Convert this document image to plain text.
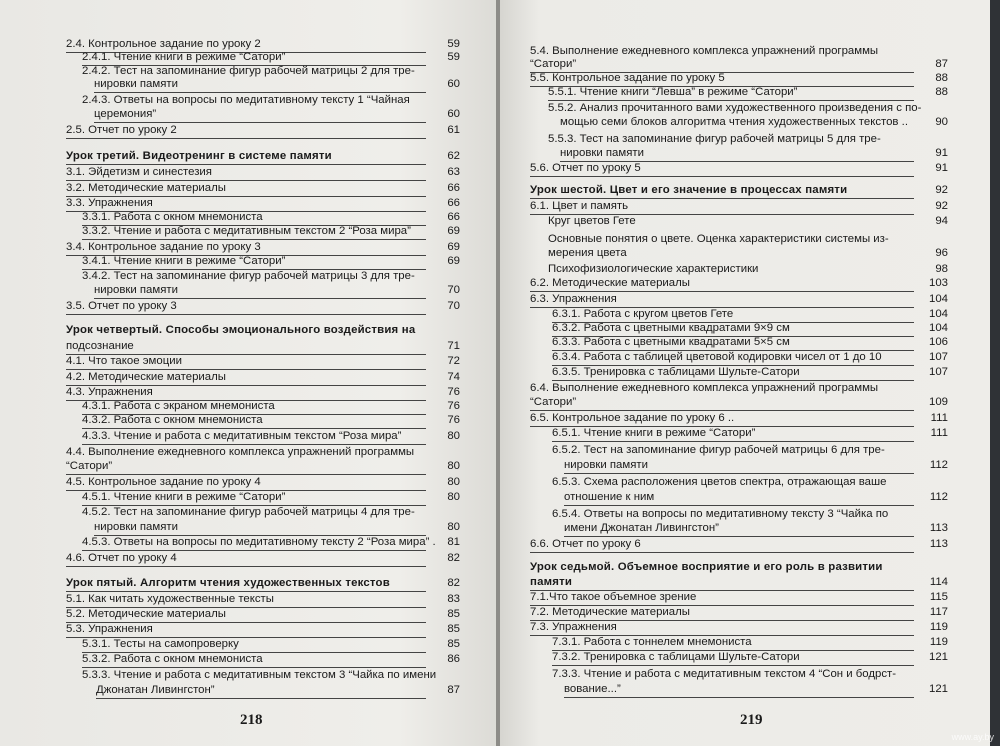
2.4. Контрольное задание по уроку 2	59
2.4.1. Чтение книги в режиме “Сатори”	59
2.4.2. Тест на запоминание фигур рабочей матрицы 2 для тре-
нировки памяти	60
2.4.3. Ответы на вопросы по медитативному тексту 1 “Чайная
церемония”	60
2.5. Отчет по уроку 2	61
Урок третий. Видеотренинг в системе памяти	62
3.1. Эйдетизм и синестезия	63
3.2. Методические материалы	66
3.3. Упражнения	66
3.3.1. Работа с окном мнемониста	66
3.3.2. Чтение и работа с медитативным текстом 2 “Роза мира”	69
3.4. Контрольное задание по уроку 3	69
3.4.1. Чтение книги в режиме “Сатори”	69
3.4.2. Тест на запоминание фигур рабочей матрицы 3 для тре-
нировки памяти	70
3.5. Отчет по уроку 3	70
Урок четвертый. Способы эмоционального воздействия на
подсознание	71
4.1. Что такое эмоции	72
4.2. Методические материалы	74
4.3. Упражнения	76
4.3.1. Работа с экраном мнемониста	76
4.3.2. Работа с окном мнемониста	76
4.3.3. Чтение и работа с медитативным текстом “Роза мира”	80
4.4. Выполнение ежедневного комплекса упражнений программы
“Сатори”	80
4.5. Контрольное задание по уроку 4	80
4.5.1. Чтение книги в режиме “Сатори”	80
4.5.2. Тест на запоминание фигур рабочей матрицы 4 для тре-
нировки памяти	80
4.5.3. Ответы на вопросы по медитативному тексту 2 “Роза мира” . 81
4.6. Отчет по уроку 4	82
Урок пятый. Алгоритм чтения художественных текстов	82
5.1. Как читать художественные тексты	83
5.2. Методические материалы	85
5.3. Упражнения	85
5.3.1. Тесты на самопроверку	85
5.3.2. Работа с окном мнемониста	86
5.3.3. Чтение и работа с медитативным текстом 3 “Чайка по имени
Джонатан Ливингстон”	87
218
5.4. Выполнение ежедневного комплекса упражнений программы
“Сатори”	87
5.5. Контрольное задание по уроку 5	88
5.5.1. Чтение книги “Левша” в режиме “Сатори”	88
5.5.2. Анализ прочитанного вами художественного произведения с по-
мощью семи блоков алгоритма чтения художественных текстов .. 90
5.5.3. Тест на запоминание фигур рабочей матрицы 5 для тре-
нировки памяти	91
5.6. Отчет по уроку 5	91
Урок шестой. Цвет и его значение в процессах памяти	92
6.1. Цвет и память	92
Круг цветов Гете	94
Основные понятия о цвете. Оценка характеристики системы из-
мерения цвета	96
Психофизиологические характеристики	98
6.2. Методические материалы	103
6.3. Упражнения	104
6.3.1. Работа с кругом цветов Гете	104
6.3.2. Работа с цветными квадратами 9×9 см	104
6.3.3. Работа с цветными квадратами 5×5 см	106
6.3.4. Работа с таблицей цветовой кодировки чисел от 1 до 10	107
6.3.5. Тренировка с таблицами Шульте-Сатори	107
6.4. Выполнение ежедневного комплекса упражнений программы
“Сатори”	109
6.5. Контрольное задание по уроку 6 ..	111
6.5.1. Чтение книги в режиме “Сатори”	111
6.5.2. Тест на запоминание фигур рабочей матрицы 6 для тре-
нировки памяти	112
6.5.3. Схема расположения цветов спектра, отражающая ваше
отношение к ним	112
6.5.4. Ответы на вопросы по медитативному тексту 3 “Чайка по
имени Джонатан Ливингстон”	113
6.6. Отчет по уроку 6	113
Урок седьмой. Объемное восприятие и его роль в развитии
памяти	114
7.1.Что такое объемное зрение	115
7.2. Методические материалы	117
7.3. Упражнения	119
7.3.1. Работа с тоннелем мнемониста	119
7.3.2. Тренировка с таблицами Шульте-Сатори	121
7.3.3. Чтение и работа с медитативным текстом 4 “Сон и бодрст-
вование...”	121
219
www.ay.by
